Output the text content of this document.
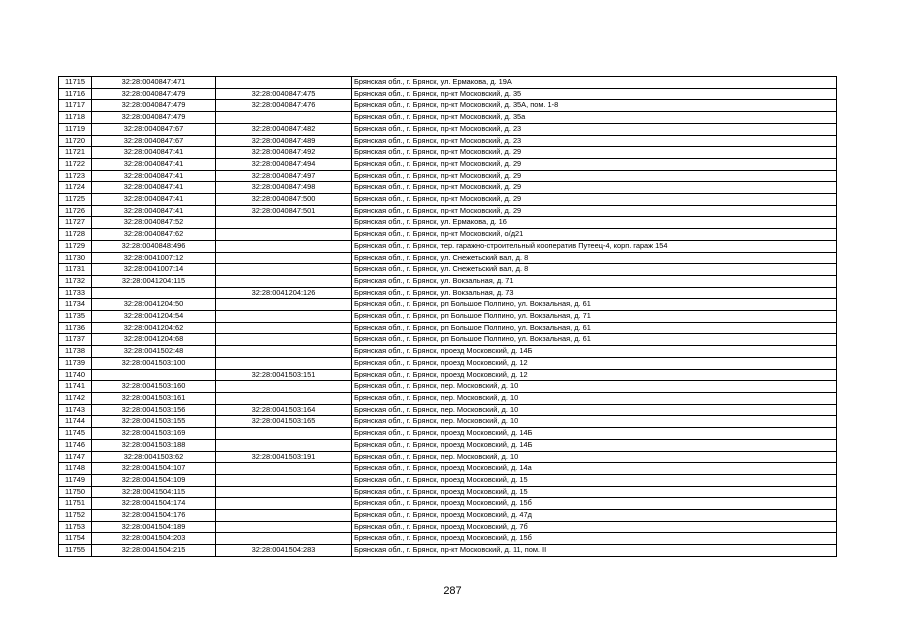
11715	32:28:0040847:471		Брянская обл., г. Брянск, ул. Ермакова, д. 19А
11716	32:28:0040847:479	32:28:0040847:475	Брянская обл., г. Брянск, пр-кт Московский, д. 35
11717	32:28:0040847:479	32:28:0040847:476	Брянская обл., г. Брянск, пр-кт Московский, д. 35А, пом. 1-8
11718	32:28:0040847:479		Брянская обл., г. Брянск, пр-кт Московский, д. 35а
11719	32:28:0040847:67	32:28:0040847:482	Брянская обл., г. Брянск, пр-кт Московский, д. 23
11720	32:28:0040847:67	32:28:0040847:489	Брянская обл., г. Брянск, пр-кт Московский, д. 23
11721	32:28:0040847:41	32:28:0040847:492	Брянская обл., г. Брянск, пр-кт Московский, д. 29
11722	32:28:0040847:41	32:28:0040847:494	Брянская обл., г. Брянск, пр-кт Московский, д. 29
11723	32:28:0040847:41	32:28:0040847:497	Брянская обл., г. Брянск, пр-кт Московский, д. 29
11724	32:28:0040847:41	32:28:0040847:498	Брянская обл., г. Брянск, пр-кт Московский, д. 29
11725	32:28:0040847:41	32:28:0040847:500	Брянская обл., г. Брянск, пр-кт Московский, д. 29
11726	32:28:0040847:41	32:28:0040847:501	Брянская обл., г. Брянск, пр-кт Московский, д. 29
11727	32:28:0040847:52		Брянская обл., г. Брянск, ул. Ермакова, д. 16
11728	32:28:0040847:62		Брянская обл., г. Брянск, пр-кт Московский, о/д21
11729	32:28:0040848:496		Брянская обл., г. Брянск, тер. гаражно-строительный кооператив Путеец-4, корп. гараж 154
11730	32:28:0041007:12		Брянская обл., г. Брянск, ул. Снежетьский вал, д. 8
11731	32:28:0041007:14		Брянская обл., г. Брянск, ул. Снежетьский вал, д. 8
11732	32:28:0041204:115		Брянская обл., г. Брянск, ул. Вокзальная, д. 71
11733		32:28:0041204:126	Брянская обл., г. Брянск, ул. Вокзальная, д. 73
11734	32:28:0041204:50		Брянская обл., г. Брянск, рп Большое Полпино, ул. Вокзальная, д. 61
11735	32:28:0041204:54		Брянская обл., г. Брянск, рп Большое Полпино, ул. Вокзальная, д. 71
11736	32:28:0041204:62		Брянская обл., г. Брянск, рп Большое Полпино, ул. Вокзальная, д. 61
11737	32:28:0041204:68		Брянская обл., г. Брянск, рп Большое Полпино, ул. Вокзальная, д. 61
11738	32:28:0041502:48		Брянская обл., г. Брянск, проезд Московский, д. 14Б
11739	32:28:0041503:100		Брянская обл., г. Брянск, проезд Московский, д. 12
11740		32:28:0041503:151	Брянская обл., г. Брянск, проезд Московский, д. 12
11741	32:28:0041503:160		Брянская обл., г. Брянск, пер. Московский, д. 10
11742	32:28:0041503:161		Брянская обл., г. Брянск, пер. Московский, д. 10
11743	32:28:0041503:156	32:28:0041503:164	Брянская обл., г. Брянск, пер. Московский, д. 10
11744	32:28:0041503:155	32:28:0041503:165	Брянская обл., г. Брянск, пер. Московский, д. 10
11745	32:28:0041503:169		Брянская обл., г. Брянск, проезд Московский, д. 14Б
11746	32:28:0041503:188		Брянская обл., г. Брянск, проезд Московский, д. 14Б
11747	32:28:0041503:62	32:28:0041503:191	Брянская обл., г. Брянск, пер. Московский, д. 10
11748	32:28:0041504:107		Брянская обл., г. Брянск, проезд Московский, д. 14а
11749	32:28:0041504:109		Брянская обл., г. Брянск, проезд Московский, д. 15
11750	32:28:0041504:115		Брянская обл., г. Брянск, проезд Московский, д. 15
11751	32:28:0041504:174		Брянская обл., г. Брянск, проезд Московский, д. 15б
11752	32:28:0041504:176		Брянская обл., г. Брянск, проезд Московский, д. 47д
11753	32:28:0041504:189		Брянская обл., г. Брянск, проезд Московский, д. 7б
11754	32:28:0041504:203		Брянская обл., г. Брянск, проезд Московский, д. 15б
11755	32:28:0041504:215	32:28:0041504:283	Брянская обл., г. Брянск, пр-кт Московский, д. 11, пом. II
287
